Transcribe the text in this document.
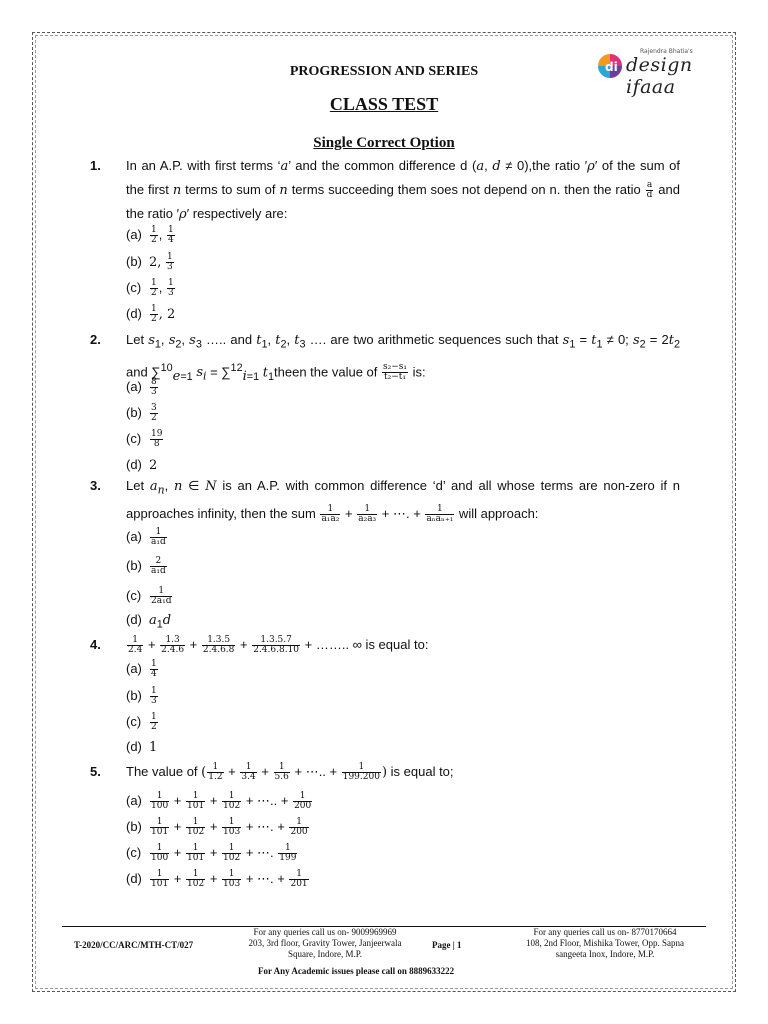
di
Rajendra Bhatia's
design ifaaa
PROGRESSION AND SERIES
CLASS TEST
Single Correct Option
1. In an A.P. with first terms ‘a’ and the common difference d (a, d ≠ 0),the ratio ′ρ′ of the sum of the first n terms to sum of n terms succeeding them soes not depend on n. then the ratio $\frac{a}{d}$ and the ratio ′ρ′ respectively are:
$(a) \frac{1}{2}$ , $\frac{1}{4}$
(b) 2, $\frac{1}{3}$
$(c) \frac{1}{2}$ , $\frac{1}{3}$
$(d) \frac{1}{2}$ , 2
2. Let $s_1$, $s_2$, $s_3$ ….. and $t_1$, $t_2$, $t_3$ …. are two arithmetic sequences such that $s_1 = t_1 \ne 0$; $s_2 = 2t_2$ and ∑$^{10}_{e=1}$ $s_i = \sum^{12}_{i=1}$ $t_1theen$ the value of $\frac{\text{s₂−s₁}}{\text{t₂−t₁}}$ is:
$(a) \frac{8}{3}$
$(b) \frac{3}{2}$
$(c) \frac{19}{8}$
(d) 2
3. Let $a_n$, n ∈ N is an A.P. with common difference ‘d’ and all whose terms are non-zero if n approaches infinity, then the sum $\frac{1}{\text{a₁a₂}} + \frac{1}{\text{a₂a₃}}$ + ⋯. + $\frac{1}{\text{aₙaₙ₊₁}}$ will approach:
$(a) \frac{1}{\text{a₁d}}$
$(b) \frac{2}{\text{a₁d}}$
$(c) \frac{1}{\text{2a₁d}}$
(d) $a_1d$
4.	$\frac{1}{2.4} + \frac{1.3}{2.4.6} + \frac{1.3.5}{2.4.6.8} + \frac{1.3.5.7}{2.4.6.8.10}$ + …….. ∞ is equal to:
$(a) \frac{1}{4}$
$(b) \frac{1}{3}$
$(c) \frac{1}{2}$
(d) 1
5. The value of ( $\frac{1}{1.2} + \frac{1}{3.4} + \frac{1}{5.6}$ + ⋯.. + $\frac{1}{199.200}$ ) is equal to;
$(a) \frac{1}{100} + \frac{1}{101} + \frac{1}{102}$ + ⋯.. + $\frac{1}{200}$
$(b) \frac{1}{101} + \frac{1}{102} + \frac{1}{103}$ + ⋯. + $\frac{1}{200}$
$(c) \frac{1}{100} + \frac{1}{101} + \frac{1}{102}$ + ⋯. $\frac{1}{199}$
$(d) \frac{1}{101} + \frac{1}{102} + \frac{1}{103}$ + ⋯. + $\frac{1}{201}$
T-2020/CC/ARC/MTH-CT/027
For any queries call us on- 9009969969
203, 3rd floor, Gravity Tower, Janjeerwala
Square, Indore, M.P.
Page | 1
For any queries call us on- 8770170664
108, 2nd Floor, Mishika Tower, Opp. Sapna
sangeeta Inox, Indore, M.P.
For Any Academic issues please call on 8889633222
